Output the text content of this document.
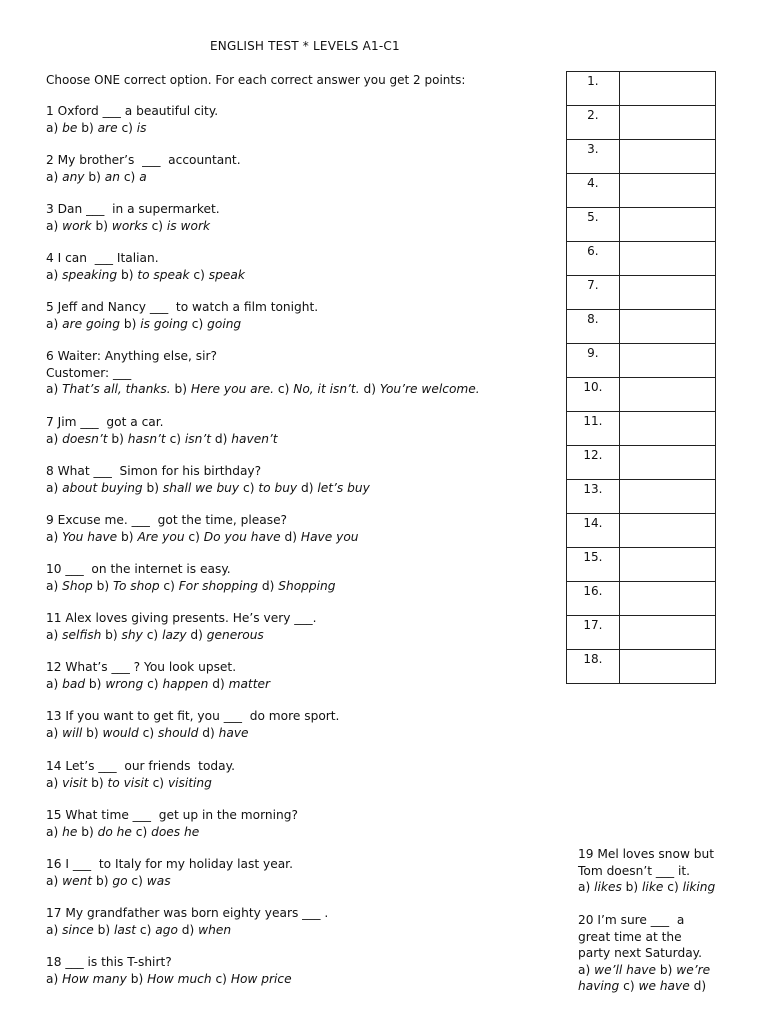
ENGLISH TEST * LEVELS A1-C1
Choose ONE correct option. For each correct answer you get 2 points:

1 Oxford ___ a beautiful city.

a) be b) are c) is

2 My brother’s  ___  accountant.

a) any b) an c) a

3 Dan ___  in a supermarket.

a) work b) works c) is work

4 I can  ___ Italian.

a) speaking b) to speak c) speak

5 Jeff and Nancy ___  to watch a film tonight.

a) are going b) is going c) going

6 Waiter: Anything else, sir?

Customer: ___

a) That’s all, thanks. b) Here you are. c) No, it isn’t. d) You’re welcome.

7 Jim ___  got a car.

a) doesn’t b) hasn’t c) isn’t d) haven’t

8 What ___  Simon for his birthday?

a) about buying b) shall we buy c) to buy d) let’s buy

9 Excuse me. ___  got the time, please?

a) You have b) Are you c) Do you have d) Have you

10 ___  on the internet is easy.

a) Shop b) To shop c) For shopping d) Shopping

11 Alex loves giving presents. He’s very ___.

a) selfish b) shy c) lazy d) generous

12 What’s ___ ? You look upset.

a) bad b) wrong c) happen d) matter

13 If you want to get fit, you ___  do more sport.

a) will b) would c) should d) have

14 Let’s ___  our friends  today.

a) visit b) to visit c) visiting

15 What time ___  get up in the morning?

a) he b) do he c) does he

16 I ___  to Italy for my holiday last year.

a) went b) go c) was

17 My grandfather was born eighty years ___ .

a) since b) last c) ago d) when

18 ___ is this T-shirt?

a) How many b) How much c) How price

19 Mel loves snow but

Tom doesn’t ___ it.

a) likes b) like c) liking

20 I’m sure ___  a

great time at the

party next Saturday.

a) we’ll have b) we’re

having c) we have d)

1.	
2.	
3.	
4.	
5.	
6.	
7.	
8.	
9.	
10.	
11.	
12.	
13.	
14.	
15.	
16.	
17.	
18.	
